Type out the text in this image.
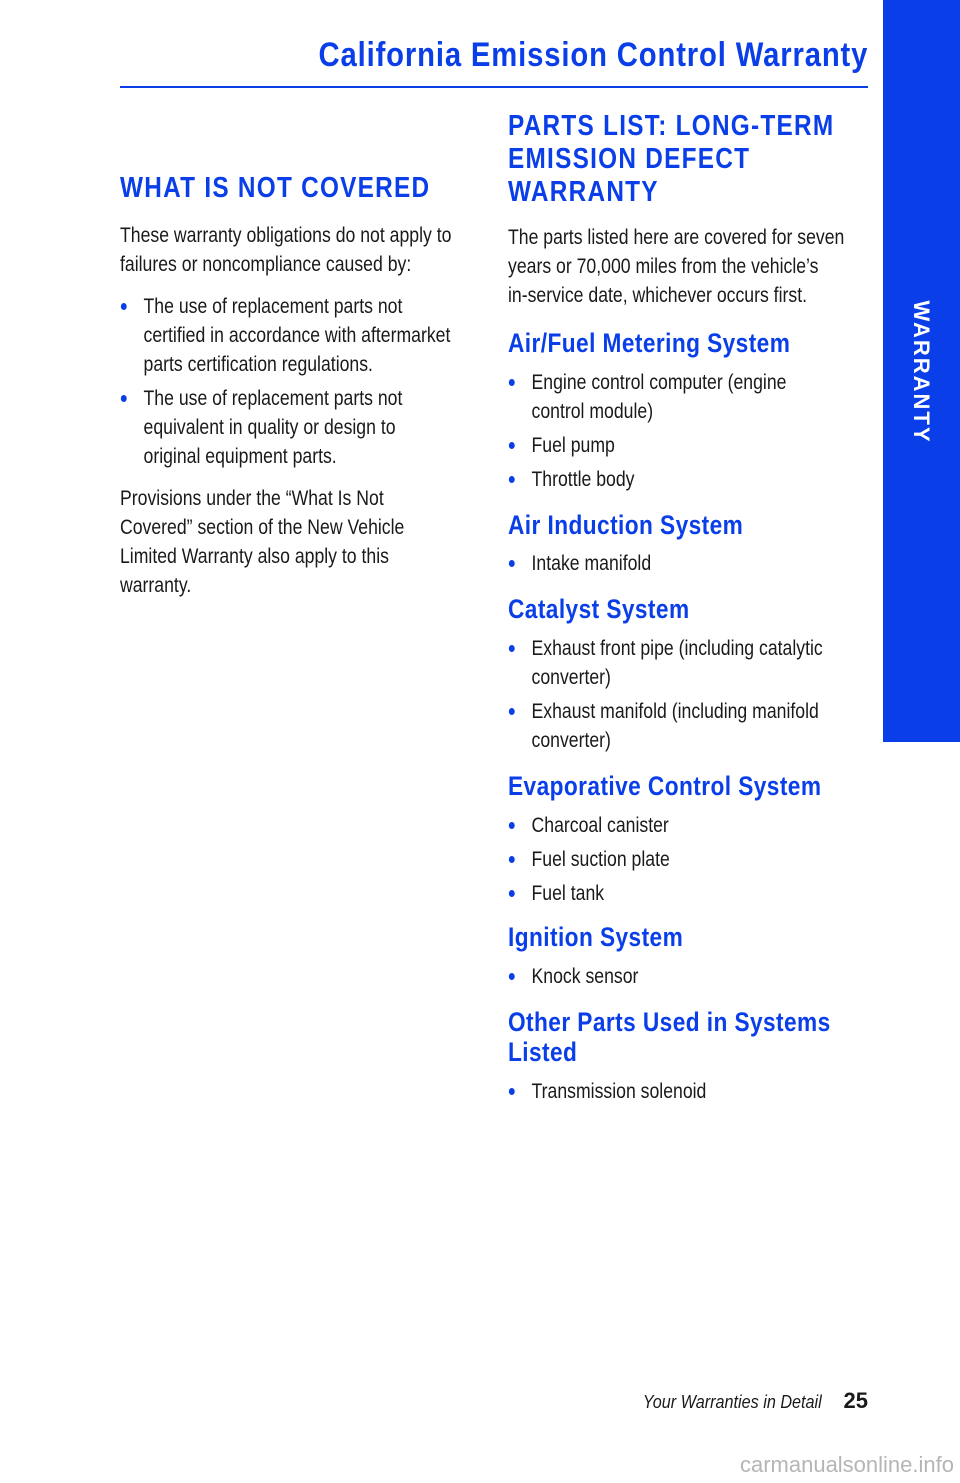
California Emission Control Warranty
WARRANTY
WHAT IS NOT COVERED

These warranty obligations do not apply to
failures or noncompliance caused by:

The use of replacement parts not
certified in accordance with aftermarket
parts certification regulations.
The use of replacement parts not
equivalent in quality or design to
original equipment parts.

Provisions under the “What Is Not
Covered” section of the New Vehicle
Limited Warranty also apply to this
warranty.

PARTS LIST: LONG-TERM
EMISSION DEFECT
WARRANTY

The parts listed here are covered for seven
years or 70,000 miles from the vehicle’s
in-service date, whichever occurs first.

Air/Fuel Metering System
Engine control computer (engine
control module)
Fuel pump
Throttle body
Air Induction System
Intake manifold
Catalyst System
Exhaust front pipe (including catalytic
converter)
Exhaust manifold (including manifold
converter)
Evaporative Control System
Charcoal canister
Fuel suction plate
Fuel tank
Ignition System
Knock sensor
Other Parts Used in Systems
Listed
Transmission solenoid
Your Warranties in Detail 25
carmanualsonline.info
